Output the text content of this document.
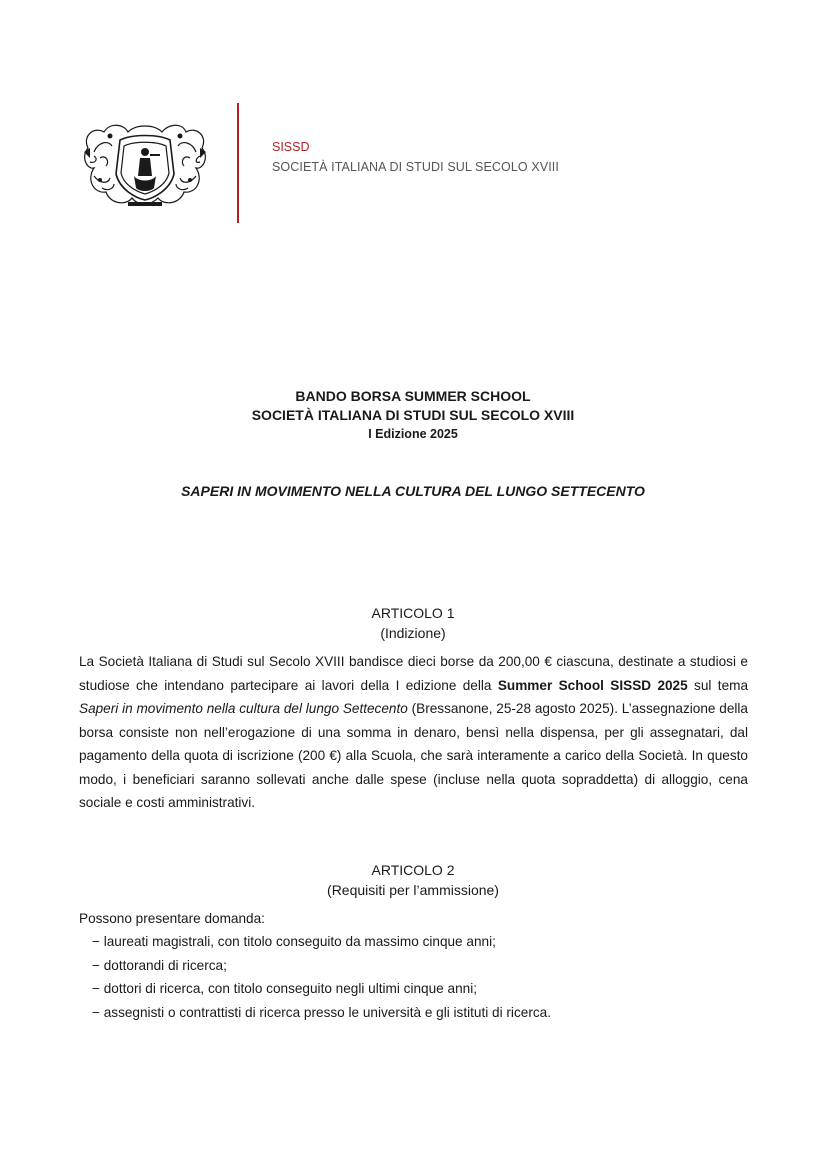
SISSD
SOCIETÀ ITALIANA DI STUDI SUL SECOLO XVIII
BANDO BORSA SUMMER SCHOOL
SOCIETÀ ITALIANA DI STUDI SUL SECOLO XVIII
I Edizione 2025
SAPERI IN MOVIMENTO NELLA CULTURA DEL LUNGO SETTECENTO
ARTICOLO 1
(Indizione)
La Società Italiana di Studi sul Secolo XVIII bandisce dieci borse da 200,00 € ciascuna, destinate a studiosi e studiose che intendano partecipare ai lavori della I edizione della Summer School SISSD 2025 sul tema Saperi in movimento nella cultura del lungo Settecento (Bressanone, 25-28 agosto 2025). L’assegnazione della borsa consiste non nell’erogazione di una somma in denaro, bensì nella dispensa, per gli assegnatari, dal pagamento della quota di iscrizione (200 €) alla Scuola, che sarà interamente a carico della Società. In questo modo, i beneficiari saranno sollevati anche dalle spese (incluse nella quota sopraddetta) di alloggio, cena sociale e costi amministrativi.
ARTICOLO 2
(Requisiti per l’ammissione)
Possono presentare domanda:
− laureati magistrali, con titolo conseguito da massimo cinque anni;
− dottorandi di ricerca;
− dottori di ricerca, con titolo conseguito negli ultimi cinque anni;
− assegnisti o contrattisti di ricerca presso le università e gli istituti di ricerca.
